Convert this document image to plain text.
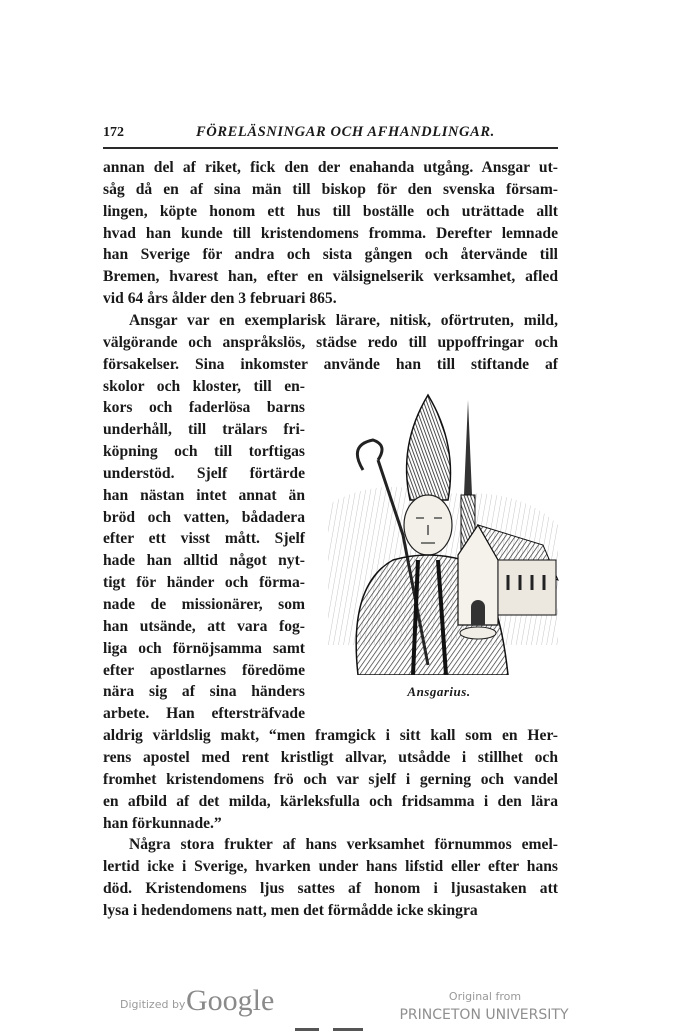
172	FÖRELÄSNINGAR OCH AFHANDLINGAR.
annan del af riket, fick den der enahanda utgång. Ansgar ut-
såg då en af sina män till biskop för den svenska försam-
lingen, köpte honom ett hus till boställe och uträttade allt
hvad han kunde till kristendomens fromma. Derefter lemnade
han Sverige för andra och sista gången och återvände till
Bremen, hvarest han, efter en välsignelserik verksamhet, afled
vid 64 års ålder den 3 februari 865.
Ansgar var en exemplarisk lärare, nitisk, oförtruten, mild,
välgörande och anspråkslös, städse redo till uppoffringar och
försakelser. Sina inkomster använde han till stiftande af
skolor och kloster, till en-
kors och faderlösa barns
underhåll, till trälars fri-
köpning och till torftigas
understöd. Sjelf förtärde
han nästan intet annat än
bröd och vatten, bådadera
efter ett visst mått. Sjelf
hade han alltid något nyt-
tigt för händer och förma-
nade de missionärer, som
han utsände, att vara fog-
liga och förnöjsamma samt
efter apostlarnes föredöme
nära sig af sina händers
arbete. Han eftersträfvade
aldrig världslig makt, “men framgick i sitt kall som en Her-
rens apostel med rent kristligt allvar, utsådde i stillhet och
fromhet kristendomens frö och var sjelf i gerning och vandel
en afbild af det milda, kärleksfulla och fridsamma i den lära
han förkunnade.”
Några stora frukter af hans verksamhet förnummos emel-
lertid icke i Sverige, hvarken under hans lifstid eller efter hans
död. Kristendomens ljus sattes af honom i ljusastaken att
lysa i hedendomens natt, men det förmådde icke skingra
Ansgarius.
Digitized by Google	Original from
PRINCETON UNIVERSITY
